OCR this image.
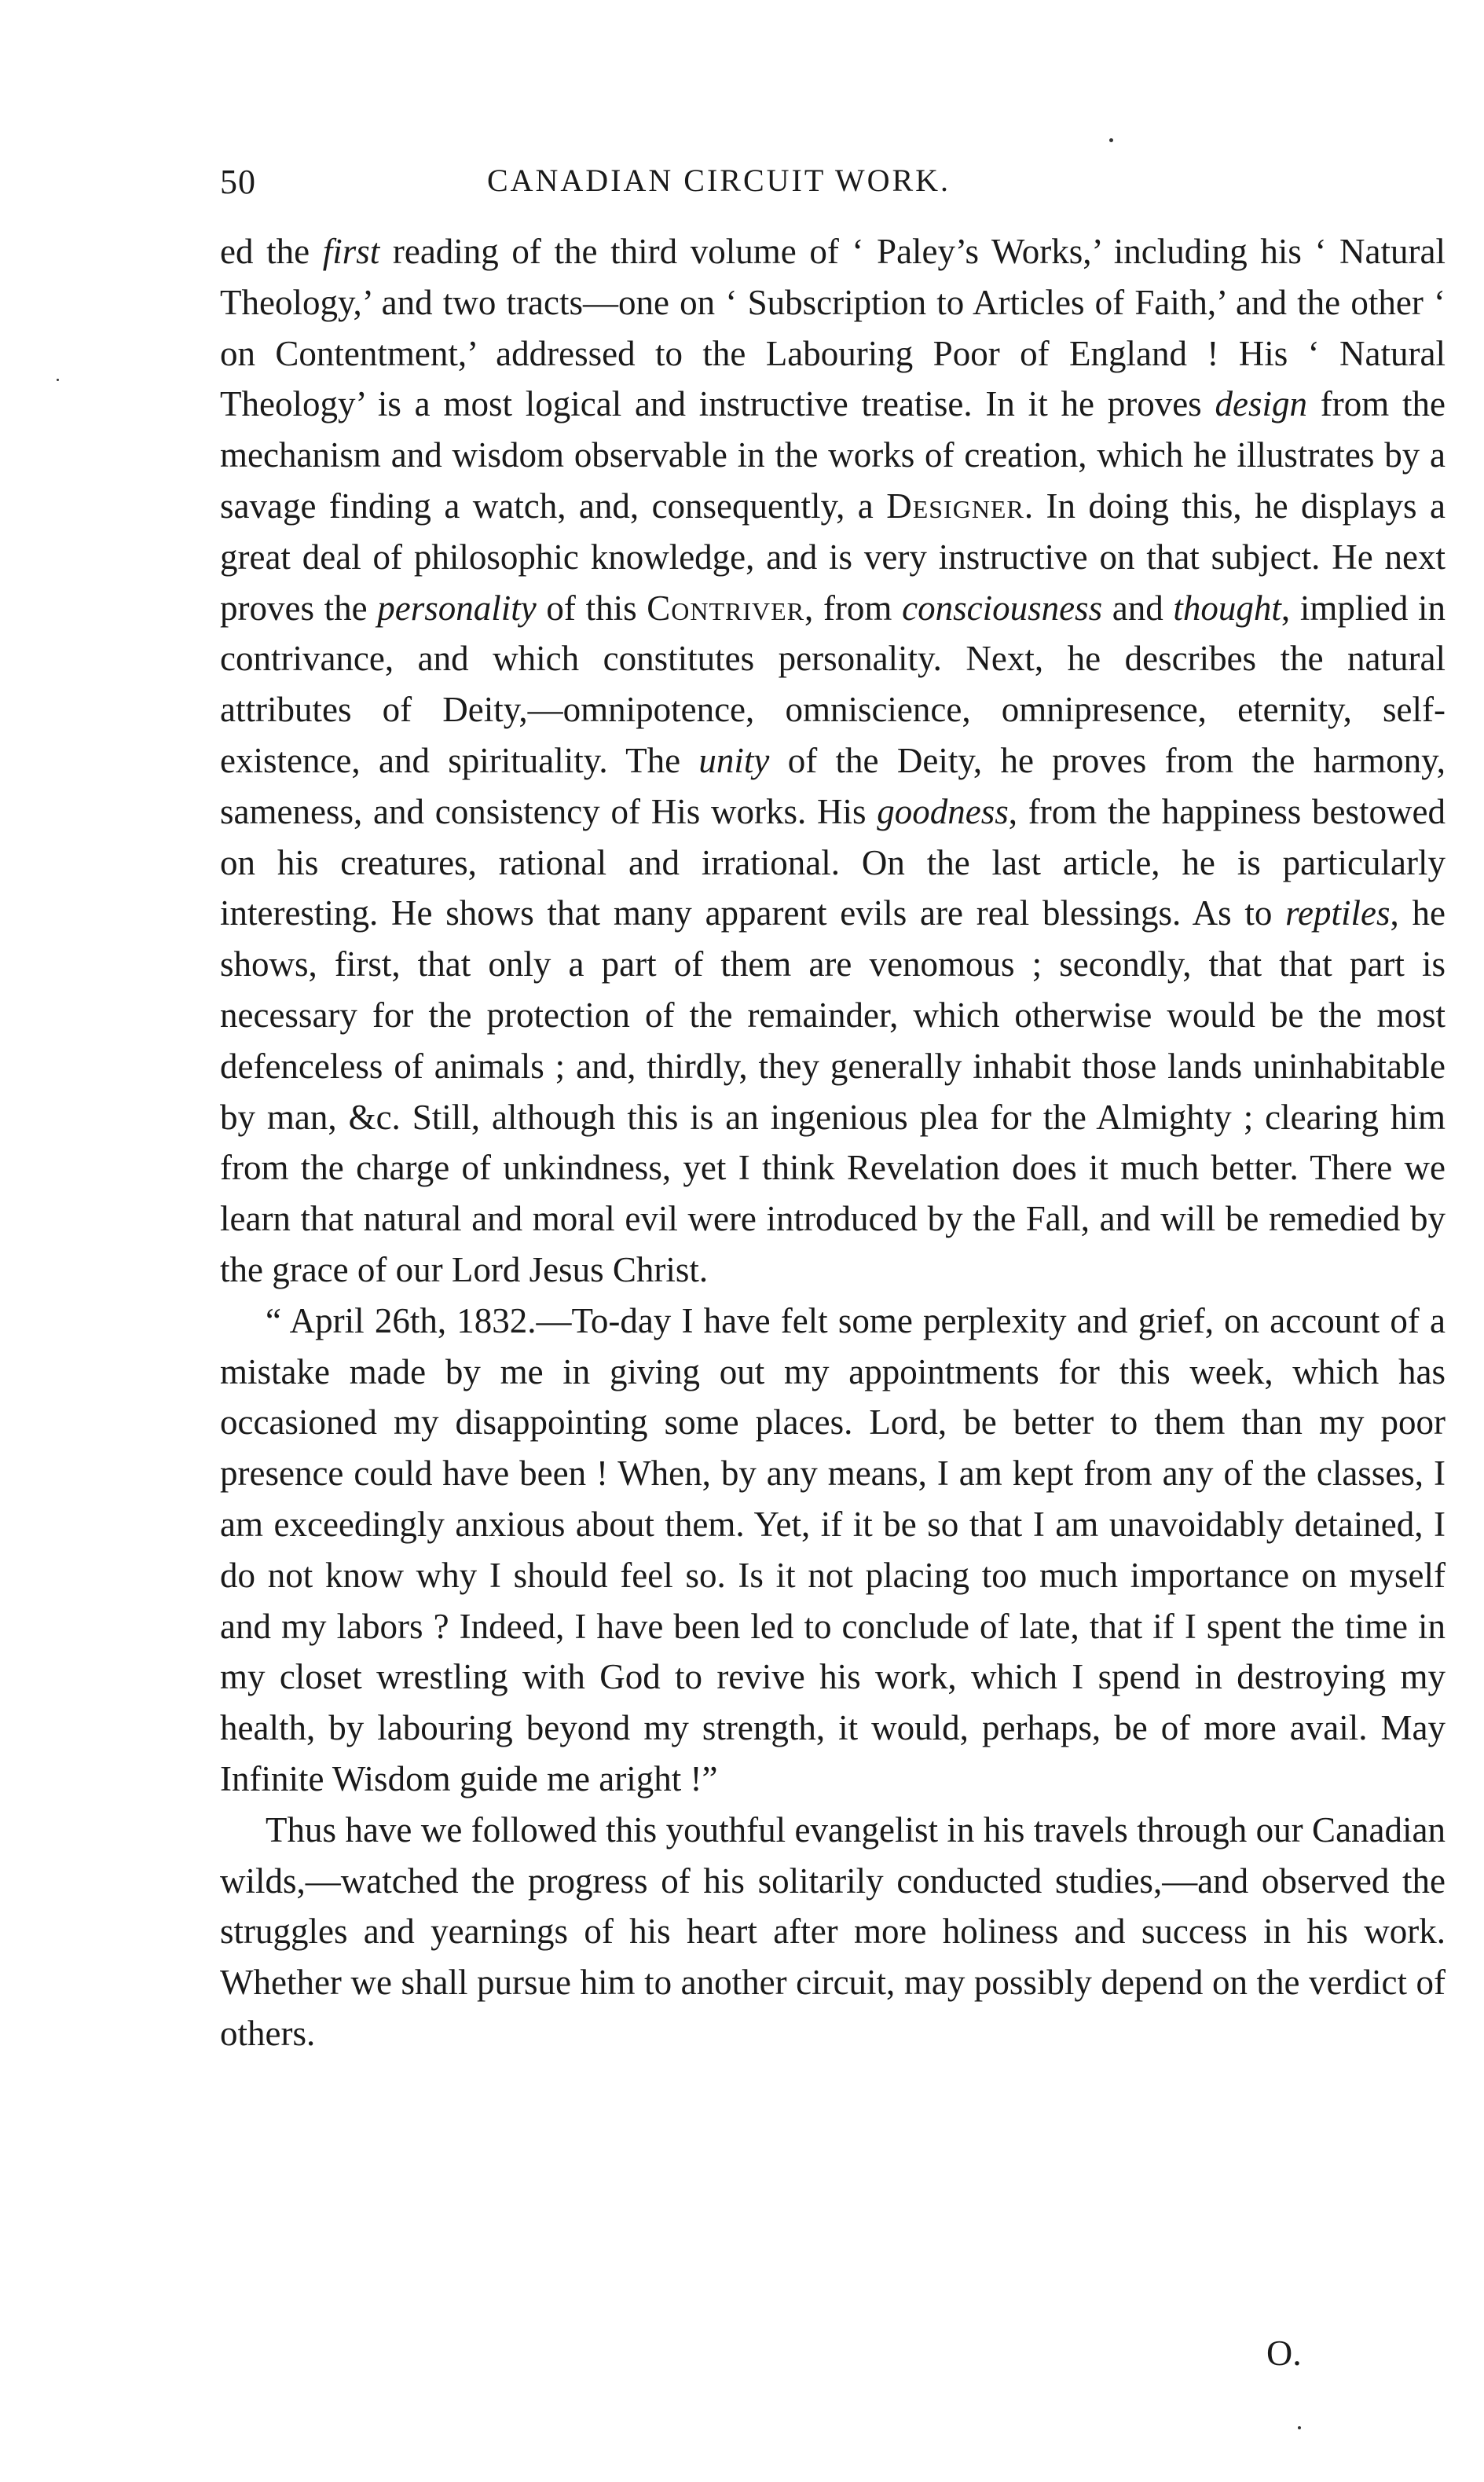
50	CANADIAN CIRCUIT WORK.

ed the first reading of the third volume of ‘ Paley’s Works,’ including his ‘ Natural Theology,’ and two tracts—one on ‘ Subscription to Articles of Faith,’ and the other ‘ on Contentment,’ addressed to the Labouring Poor of England ! His ‘ Natural Theology’ is a most logical and instructive treatise. In it he proves design from the mechanism and wisdom observable in the works of creation, which he illustrates by a savage finding a watch, and, consequently, a Designer. In doing this, he displays a great deal of philosophic knowledge, and is very instructive on that subject. He next proves the personality of this Contriver, from consciousness and thought, implied in contrivance, and which constitutes personality. Next, he describes the natural attributes of Deity,—omnipotence, omniscience, omnipresence, eternity, self-existence, and spirituality. The unity of the Deity, he proves from the harmony, sameness, and consistency of His works. His goodness, from the happiness bestowed on his creatures, rational and irrational. On the last article, he is particularly interesting. He shows that many apparent evils are real blessings. As to reptiles, he shows, first, that only a part of them are venomous ; secondly, that that part is necessary for the protection of the remainder, which otherwise would be the most defenceless of animals ; and, thirdly, they generally inhabit those lands uninhabitable by man, &c. Still, although this is an ingenious plea for the Almighty ; clearing him from the charge of unkindness, yet I think Revelation does it much better. There we learn that natural and moral evil were introduced by the Fall, and will be remedied by the grace of our Lord Jesus Christ.

“ April 26th, 1832.—To-day I have felt some perplexity and grief, on account of a mistake made by me in giving out my appointments for this week, which has occasioned my disappointing some places. Lord, be better to them than my poor presence could have been ! When, by any means, I am kept from any of the classes, I am exceedingly anxious about them. Yet, if it be so that I am unavoidably detained, I do not know why I should feel so. Is it not placing too much importance on myself and my labors ? Indeed, I have been led to conclude of late, that if I spent the time in my closet wrestling with God to revive his work, which I spend in destroying my health, by labouring beyond my strength, it would, perhaps, be of more avail. May Infinite Wisdom guide me aright !”

Thus have we followed this youthful evangelist in his travels through our Canadian wilds,—watched the progress of his solitarily conducted studies,—and observed the struggles and yearnings of his heart after more holiness and success in his work. Whether we shall pursue him to another circuit, may possibly depend on the verdict of others.

O.
